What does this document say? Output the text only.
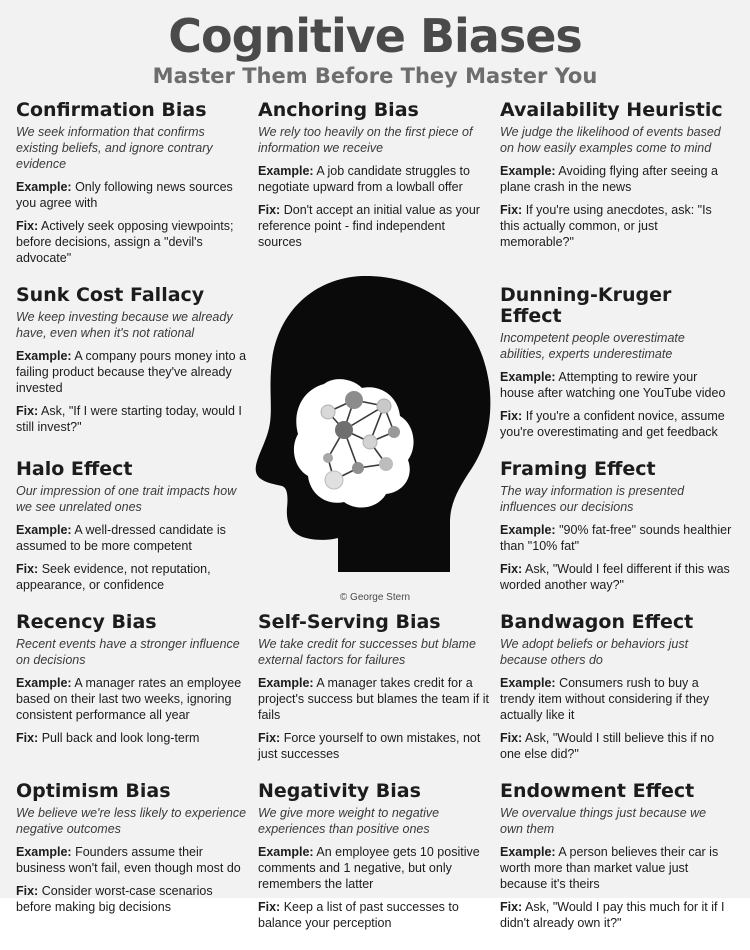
Cognitive Biases
Master Them Before They Master You
Confirmation Bias

We seek information that confirms existing beliefs, and ignore contrary evidence

Example: Only following news sources you agree with

Fix: Actively seek opposing viewpoints; before decisions, assign a "devil's advocate"

Anchoring Bias

We rely too heavily on the first piece of information we receive

Example: A job candidate struggles to negotiate upward from a lowball offer

Fix: Don't accept an initial value as your reference point - find independent sources

Availability Heuristic

We judge the likelihood of events based on how easily examples come to mind

Example: Avoiding flying after seeing a plane crash in the news

Fix: If you're using anecdotes, ask: "Is this actually common, or just memorable?"

Sunk Cost Fallacy

We keep investing because we already have, even when it's not rational

Example: A company pours money into a failing product because they've already invested

Fix: Ask, "If I were starting today, would I still invest?"

Dunning-Kruger Effect

Incompetent people overestimate abilities, experts underestimate

Example: Attempting to rewire your house after watching one YouTube video

Fix: If you're a confident novice, assume you're overestimating and get feedback

Halo Effect

Our impression of one trait impacts how we see unrelated ones

Example: A well-dressed candidate is assumed to be more competent

Fix: Seek evidence, not reputation, appearance, or confidence

Framing Effect

The way information is presented influences our decisions

Example: "90% fat-free" sounds healthier than "10% fat"

Fix: Ask, "Would I feel different if this was worded another way?"

Recency Bias

Recent events have a stronger influence on decisions

Example: A manager rates an employee based on their last two weeks, ignoring consistent performance all year

Fix: Pull back and look long-term

Self-Serving Bias

We take credit for successes but blame external factors for failures

Example: A manager takes credit for a project's success but blames the team if it fails

Fix: Force yourself to own mistakes, not just successes

Bandwagon Effect

We adopt beliefs or behaviors just because others do

Example: Consumers rush to buy a trendy item without considering if they actually like it

Fix: Ask, "Would I still believe this if no one else did?"

Optimism Bias

We believe we're less likely to experience negative outcomes

Example: Founders assume their business won't fail, even though most do

Fix: Consider worst-case scenarios before making big decisions

Negativity Bias

We give more weight to negative experiences than positive ones

Example: An employee gets 10 positive comments and 1 negative, but only remembers the latter

Fix: Keep a list of past successes to balance your perception

Endowment Effect

We overvalue things just because we own them

Example: A person believes their car is worth more than market value just because it's theirs

Fix: Ask, "Would I pay this much for it if I didn't already own it?"

© George Stern
